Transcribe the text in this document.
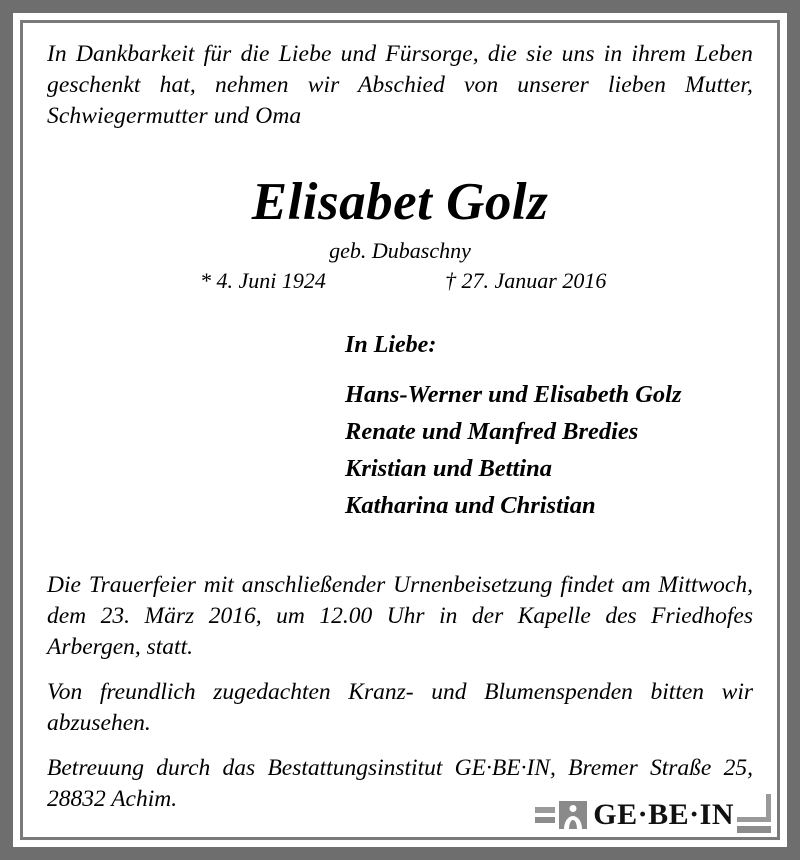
In Dankbarkeit für die Liebe und Fürsorge, die sie uns in ihrem Leben geschenkt hat, nehmen wir Abschied von unserer lieben Mutter, Schwiegermutter und Oma

Elisabet Golz

geb. Dubaschny

* 4. Juni 1924	† 27. Januar 2016

In Liebe:

Hans-Werner und Elisabeth Golz

Renate und Manfred Bredies

Kristian und Bettina

Katharina und Christian

Die Trauerfeier mit anschließender Urnenbeisetzung findet am Mittwoch, dem 23. März 2016, um 12.00 Uhr in der Kapelle des Friedhofes Arbergen, statt.

Von freundlich zugedachten Kranz- und Blumenspenden bitten wir abzusehen.

Betreuung durch das Bestattungsinstitut GE·BE·IN, Bremer Straße 25, 28832 Achim.	GE·BE·IN
